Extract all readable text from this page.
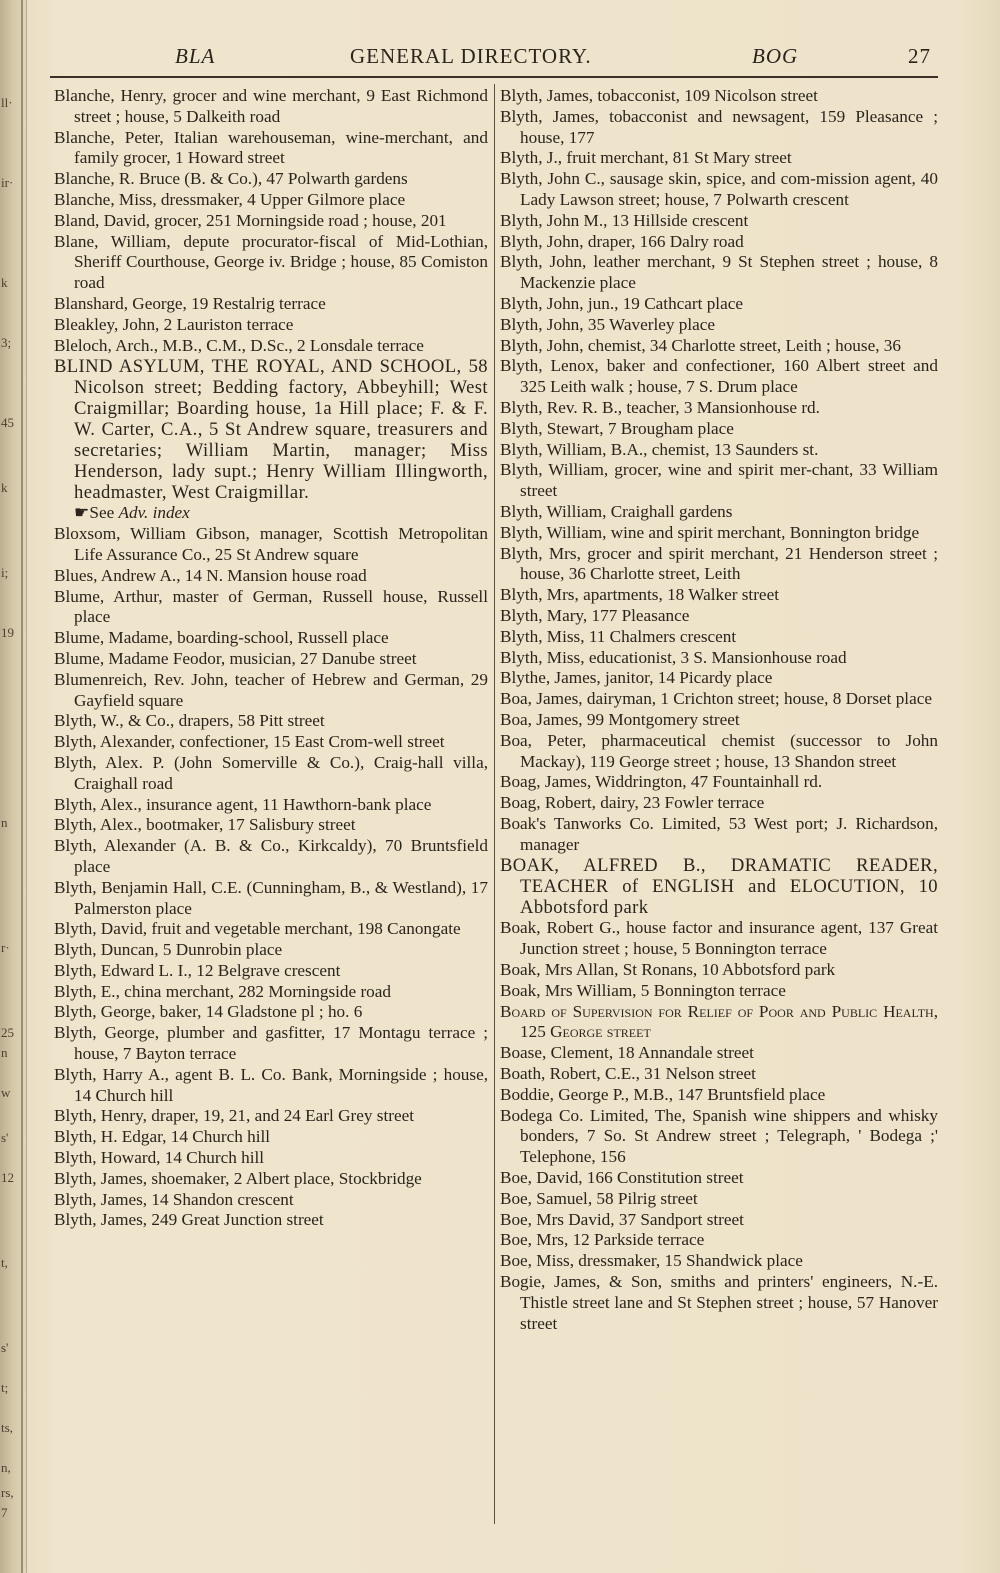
ll·
ir·
k
3;
45
k
i;
19
n
r·
25
n
w
s'
12
t,
s'
t;
ts,
n,
rs,
7
BLA	GENERAL DIRECTORY.	BOG	27

Blanche, Henry, grocer and wine merchant, 9 East Richmond street ; house, 5 Dalkeith road

Blanche, Peter, Italian warehouseman, wine-merchant, and family grocer, 1 Howard street

Blanche, R. Bruce (B. & Co.), 47 Polwarth gardens

Blanche, Miss, dressmaker, 4 Upper Gilmore place

Bland, David, grocer, 251 Morningside road ; house, 201

Blane, William, depute procurator-fiscal of Mid-Lothian, Sheriff Courthouse, George iv. Bridge ; house, 85 Comiston road

Blanshard, George, 19 Restalrig terrace

Bleakley, John, 2 Lauriston terrace

Bleloch, Arch., M.B., C.M., D.Sc., 2 Lonsdale terrace

BLIND ASYLUM, THE ROYAL, AND SCHOOL, 58 Nicolson street; Bedding factory, Abbeyhill; West Craigmillar; Boarding house, 1a Hill place; F. & F. W. Carter, C.A., 5 St Andrew square, treasurers and secretaries; William Martin, manager; Miss Henderson, lady supt.; Henry William Illingworth, headmaster, West Craigmillar.

☛See Adv. index

Bloxsom, William Gibson, manager, Scottish Metropolitan Life Assurance Co., 25 St Andrew square

Blues, Andrew A., 14 N. Mansion house road

Blume, Arthur, master of German, Russell house, Russell place

Blume, Madame, boarding-school, Russell place

Blume, Madame Feodor, musician, 27 Danube street

Blumenreich, Rev. John, teacher of Hebrew and German, 29 Gayfield square

Blyth, W., & Co., drapers, 58 Pitt street

Blyth, Alexander, confectioner, 15 East Crom-well street

Blyth, Alex. P. (John Somerville & Co.), Craig-hall villa, Craighall road

Blyth, Alex., insurance agent, 11 Hawthorn-bank place

Blyth, Alex., bootmaker, 17 Salisbury street

Blyth, Alexander (A. B. & Co., Kirkcaldy), 70 Bruntsfield place

Blyth, Benjamin Hall, C.E. (Cunningham, B., & Westland), 17 Palmerston place

Blyth, David, fruit and vegetable merchant, 198 Canongate

Blyth, Duncan, 5 Dunrobin place

Blyth, Edward L. I., 12 Belgrave crescent

Blyth, E., china merchant, 282 Morningside road

Blyth, George, baker, 14 Gladstone pl ; ho. 6

Blyth, George, plumber and gasfitter, 17 Montagu terrace ; house, 7 Bayton terrace

Blyth, Harry A., agent B. L. Co. Bank, Morningside ; house, 14 Church hill

Blyth, Henry, draper, 19, 21, and 24 Earl Grey street

Blyth, H. Edgar, 14 Church hill

Blyth, Howard, 14 Church hill

Blyth, James, shoemaker, 2 Albert place, Stockbridge

Blyth, James, 14 Shandon crescent

Blyth, James, 249 Great Junction street

Blyth, James, tobacconist, 109 Nicolson street

Blyth, James, tobacconist and newsagent, 159 Pleasance ; house, 177

Blyth, J., fruit merchant, 81 St Mary street

Blyth, John C., sausage skin, spice, and com-mission agent, 40 Lady Lawson street; house, 7 Polwarth crescent

Blyth, John M., 13 Hillside crescent

Blyth, John, draper, 166 Dalry road

Blyth, John, leather merchant, 9 St Stephen street ; house, 8 Mackenzie place

Blyth, John, jun., 19 Cathcart place

Blyth, John, 35 Waverley place

Blyth, John, chemist, 34 Charlotte street, Leith ; house, 36

Blyth, Lenox, baker and confectioner, 160 Albert street and 325 Leith walk ; house, 7 S. Drum place

Blyth, Rev. R. B., teacher, 3 Mansionhouse rd.

Blyth, Stewart, 7 Brougham place

Blyth, William, B.A., chemist, 13 Saunders st.

Blyth, William, grocer, wine and spirit mer-chant, 33 William street

Blyth, William, Craighall gardens

Blyth, William, wine and spirit merchant, Bonnington bridge

Blyth, Mrs, grocer and spirit merchant, 21 Henderson street ; house, 36 Charlotte street, Leith

Blyth, Mrs, apartments, 18 Walker street

Blyth, Mary, 177 Pleasance

Blyth, Miss, 11 Chalmers crescent

Blyth, Miss, educationist, 3 S. Mansionhouse road

Blythe, James, janitor, 14 Picardy place

Boa, James, dairyman, 1 Crichton street; house, 8 Dorset place

Boa, James, 99 Montgomery street

Boa, Peter, pharmaceutical chemist (successor to John Mackay), 119 George street ; house, 13 Shandon street

Boag, James, Widdrington, 47 Fountainhall rd.

Boag, Robert, dairy, 23 Fowler terrace

Boak's Tanworks Co. Limited, 53 West port; J. Richardson, manager

BOAK, ALFRED B., DRAMATIC READER, TEACHER of ENGLISH and ELOCUTION, 10 Abbotsford park

Boak, Robert G., house factor and insurance agent, 137 Great Junction street ; house, 5 Bonnington terrace

Boak, Mrs Allan, St Ronans, 10 Abbotsford park

Boak, Mrs William, 5 Bonnington terrace

Board of Supervision for Relief of Poor and Public Health, 125 George street

Boase, Clement, 18 Annandale street

Boath, Robert, C.E., 31 Nelson street

Boddie, George P., M.B., 147 Bruntsfield place

Bodega Co. Limited, The, Spanish wine shippers and whisky bonders, 7 So. St Andrew street ; Telegraph, ' Bodega ;' Telephone, 156

Boe, David, 166 Constitution street

Boe, Samuel, 58 Pilrig street

Boe, Mrs David, 37 Sandport street

Boe, Mrs, 12 Parkside terrace

Boe, Miss, dressmaker, 15 Shandwick place

Bogie, James, & Son, smiths and printers' engineers, N.-E. Thistle street lane and St Stephen street ; house, 57 Hanover street
